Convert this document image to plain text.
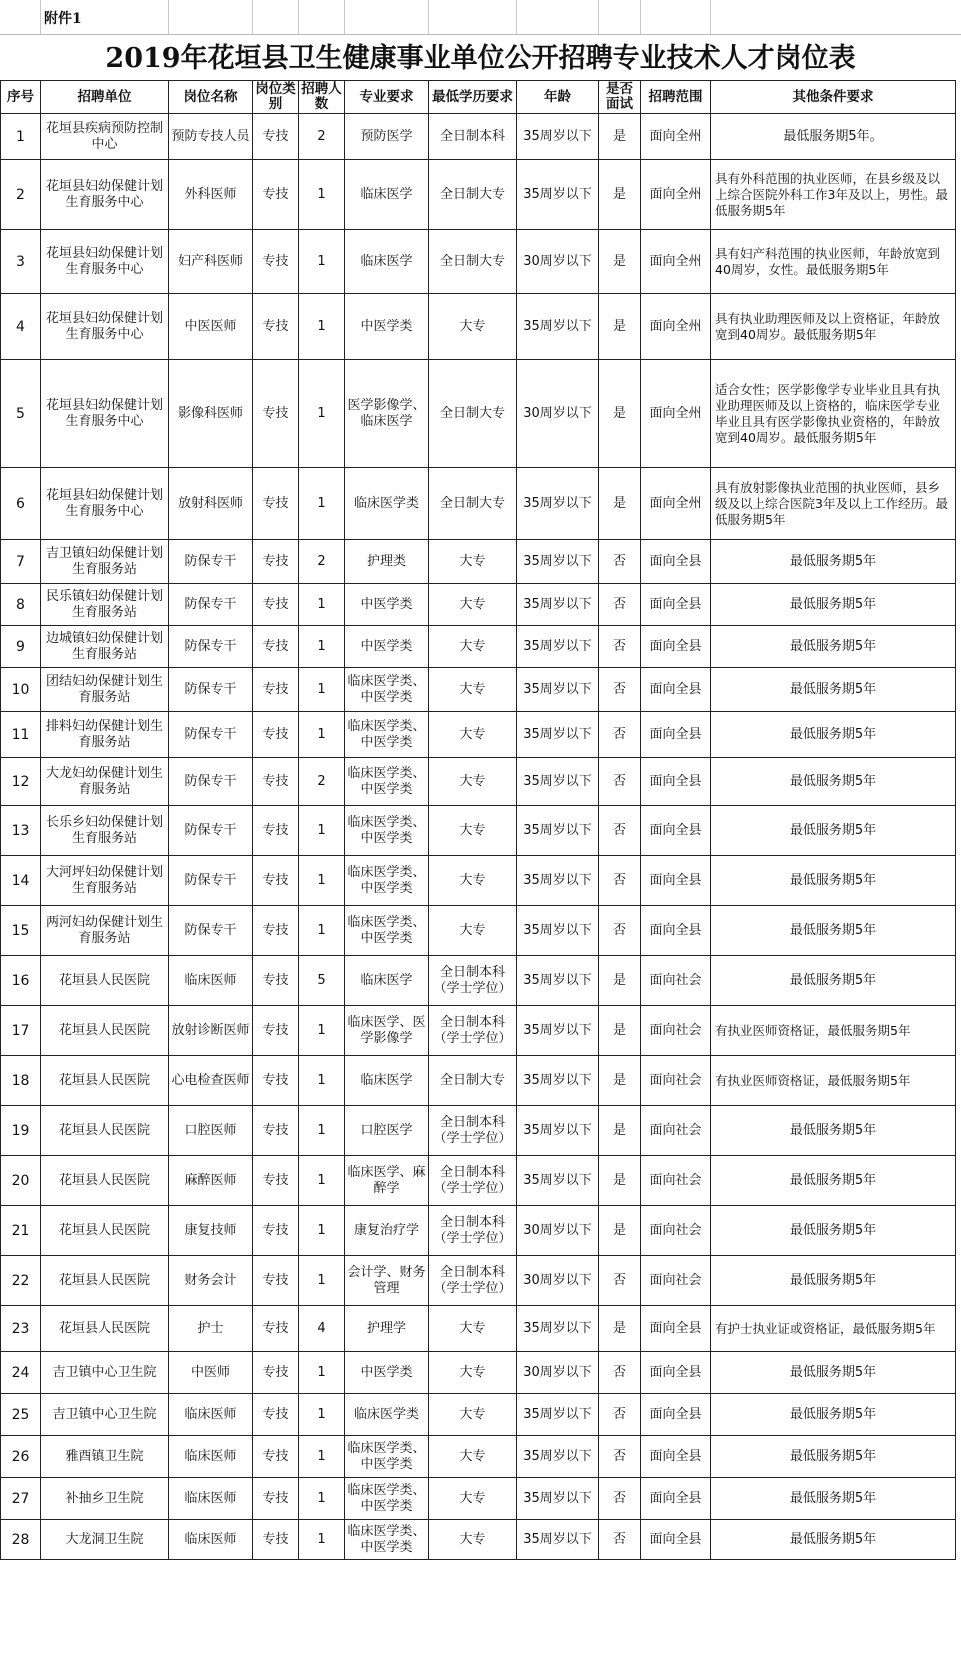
附件1
2019年花垣县卫生健康事业单位公开招聘专业技术人才岗位表
序号	招聘单位	岗位名称	岗位类别	招聘人数	专业要求	最低学历要求	年龄	是否面试	招聘范围	其他条件要求
1	花垣县疾病预防控制中心	预防专技人员	专技	2	预防医学	全日制本科	35周岁以下	是	面向全州	最低服务期5年。
2	花垣县妇幼保健计划生育服务中心	外科医师	专技	1	临床医学	全日制大专	35周岁以下	是	面向全州	具有外科范围的执业医师，在县乡级及以上综合医院外科工作3年及以上，男性。最低服务期5年
3	花垣县妇幼保健计划生育服务中心	妇产科医师	专技	1	临床医学	全日制大专	30周岁以下	是	面向全州	具有妇产科范围的执业医师，年龄放宽到40周岁，女性。最低服务期5年
4	花垣县妇幼保健计划生育服务中心	中医医师	专技	1	中医学类	大专	35周岁以下	是	面向全州	具有执业助理医师及以上资格证，年龄放宽到40周岁。最低服务期5年
5	花垣县妇幼保健计划生育服务中心	影像科医师	专技	1	医学影像学、临床医学	全日制大专	30周岁以下	是	面向全州	适合女性；医学影像学专业毕业且具有执业助理医师及以上资格的，临床医学专业毕业且具有医学影像执业资格的，年龄放宽到40周岁。最低服务期5年
6	花垣县妇幼保健计划生育服务中心	放射科医师	专技	1	临床医学类	全日制大专	35周岁以下	是	面向全州	具有放射影像执业范围的执业医师，县乡级及以上综合医院3年及以上工作经历。最低服务期5年
7	吉卫镇妇幼保健计划生育服务站	防保专干	专技	2	护理类	大专	35周岁以下	否	面向全县	最低服务期5年
8	民乐镇妇幼保健计划生育服务站	防保专干	专技	1	中医学类	大专	35周岁以下	否	面向全县	最低服务期5年
9	边城镇妇幼保健计划生育服务站	防保专干	专技	1	中医学类	大专	35周岁以下	否	面向全县	最低服务期5年
10	团结妇幼保健计划生育服务站	防保专干	专技	1	临床医学类、中医学类	大专	35周岁以下	否	面向全县	最低服务期5年
11	排料妇幼保健计划生育服务站	防保专干	专技	1	临床医学类、中医学类	大专	35周岁以下	否	面向全县	最低服务期5年
12	大龙妇幼保健计划生育服务站	防保专干	专技	2	临床医学类、中医学类	大专	35周岁以下	否	面向全县	最低服务期5年
13	长乐乡妇幼保健计划生育服务站	防保专干	专技	1	临床医学类、中医学类	大专	35周岁以下	否	面向全县	最低服务期5年
14	大河坪妇幼保健计划生育服务站	防保专干	专技	1	临床医学类、中医学类	大专	35周岁以下	否	面向全县	最低服务期5年
15	两河妇幼保健计划生育服务站	防保专干	专技	1	临床医学类、中医学类	大专	35周岁以下	否	面向全县	最低服务期5年
16	花垣县人民医院	临床医师	专技	5	临床医学	全日制本科（学士学位）	35周岁以下	是	面向社会	最低服务期5年
17	花垣县人民医院	放射诊断医师	专技	1	临床医学、医学影像学	全日制本科（学士学位）	35周岁以下	是	面向社会	有执业医师资格证，最低服务期5年
18	花垣县人民医院	心电检查医师	专技	1	临床医学	全日制大专	35周岁以下	是	面向社会	有执业医师资格证，最低服务期5年
19	花垣县人民医院	口腔医师	专技	1	口腔医学	全日制本科（学士学位）	35周岁以下	是	面向社会	最低服务期5年
20	花垣县人民医院	麻醉医师	专技	1	临床医学、麻醉学	全日制本科（学士学位）	35周岁以下	是	面向社会	最低服务期5年
21	花垣县人民医院	康复技师	专技	1	康复治疗学	全日制本科（学士学位）	30周岁以下	是	面向社会	最低服务期5年
22	花垣县人民医院	财务会计	专技	1	会计学、财务管理	全日制本科（学士学位）	30周岁以下	否	面向社会	最低服务期5年
23	花垣县人民医院	护士	专技	4	护理学	大专	35周岁以下	是	面向全县	有护士执业证或资格证，最低服务期5年
24	吉卫镇中心卫生院	中医师	专技	1	中医学类	大专	30周岁以下	否	面向全县	最低服务期5年
25	吉卫镇中心卫生院	临床医师	专技	1	临床医学类	大专	35周岁以下	否	面向全县	最低服务期5年
26	雅酉镇卫生院	临床医师	专技	1	临床医学类、中医学类	大专	35周岁以下	否	面向全县	最低服务期5年
27	补抽乡卫生院	临床医师	专技	1	临床医学类、中医学类	大专	35周岁以下	否	面向全县	最低服务期5年
28	大龙洞卫生院	临床医师	专技	1	临床医学类、中医学类	大专	35周岁以下	否	面向全县	最低服务期5年
